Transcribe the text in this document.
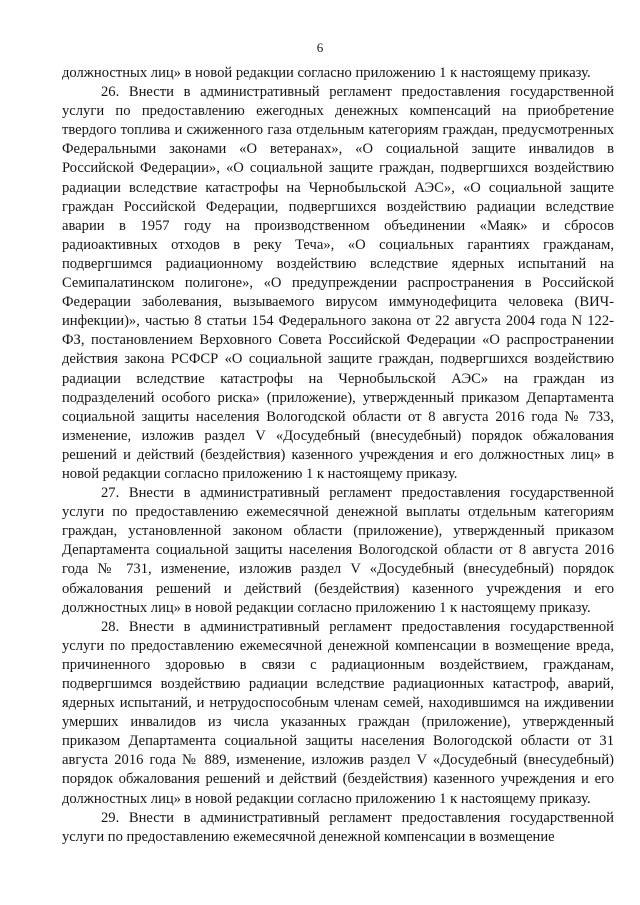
6

должностных лиц» в новой редакции согласно приложению 1 к настоящему приказу.

26. Внести в административный регламент предоставления государственной услуги по предоставлению ежегодных денежных компенсаций на приобретение твердого топлива и сжиженного газа отдельным категориям граждан, предусмотренных Федеральными законами «О ветеранах», «О социальной защите инвалидов в Российской Федерации», «О социальной защите граждан, подвергшихся воздействию радиации вследствие катастрофы на Чернобыльской АЭС», «О социальной защите граждан Российской Федерации, подвергшихся воздействию радиации вследствие аварии в 1957 году на производственном объединении «Маяк» и сбросов радиоактивных отходов в реку Теча», «О социальных гарантиях гражданам, подвергшимся радиационному воздействию вследствие ядерных испытаний на Семипалатинском полигоне», «О предупреждении распространения в Российской Федерации заболевания, вызываемого вирусом иммунодефицита человека (ВИЧ-инфекции)», частью 8 статьи 154 Федерального закона от 22 августа 2004 года N 122-ФЗ, постановлением Верховного Совета Российской Федерации «О распространении действия закона РСФСР «О социальной защите граждан, подвергшихся воздействию радиации вследствие катастрофы на Чернобыльской АЭС» на граждан из подразделений особого риска» (приложение), утвержденный приказом Департамента социальной защиты населения Вологодской области от 8 августа 2016 года № 733, изменение, изложив раздел V «Досудебный (внесудебный) порядок обжалования решений и действий (бездействия) казенного учреждения и его должностных лиц» в новой редакции согласно приложению 1 к настоящему приказу.

27. Внести в административный регламент предоставления государственной услуги по предоставлению ежемесячной денежной выплаты отдельным категориям граждан, установленной законом области (приложение), утвержденный приказом Департамента социальной защиты населения Вологодской области от 8 августа 2016 года № 731, изменение, изложив раздел V «Досудебный (внесудебный) порядок обжалования решений и действий (бездействия) казенного учреждения и его должностных лиц» в новой редакции согласно приложению 1 к настоящему приказу.

28. Внести в административный регламент предоставления государственной услуги по предоставлению ежемесячной денежной компенсации в возмещение вреда, причиненного здоровью в связи с радиационным воздействием, гражданам, подвергшимся воздействию радиации вследствие радиационных катастроф, аварий, ядерных испытаний, и нетрудоспособным членам семей, находившимся на иждивении умерших инвалидов из числа указанных граждан (приложение), утвержденный приказом Департамента социальной защиты населения Вологодской области от 31 августа 2016 года № 889, изменение, изложив раздел V «Досудебный (внесудебный) порядок обжалования решений и действий (бездействия) казенного учреждения и его должностных лиц» в новой редакции согласно приложению 1 к настоящему приказу.

29. Внести в административный регламент предоставления государственной услуги по предоставлению ежемесячной денежной компенсации в возмещение
